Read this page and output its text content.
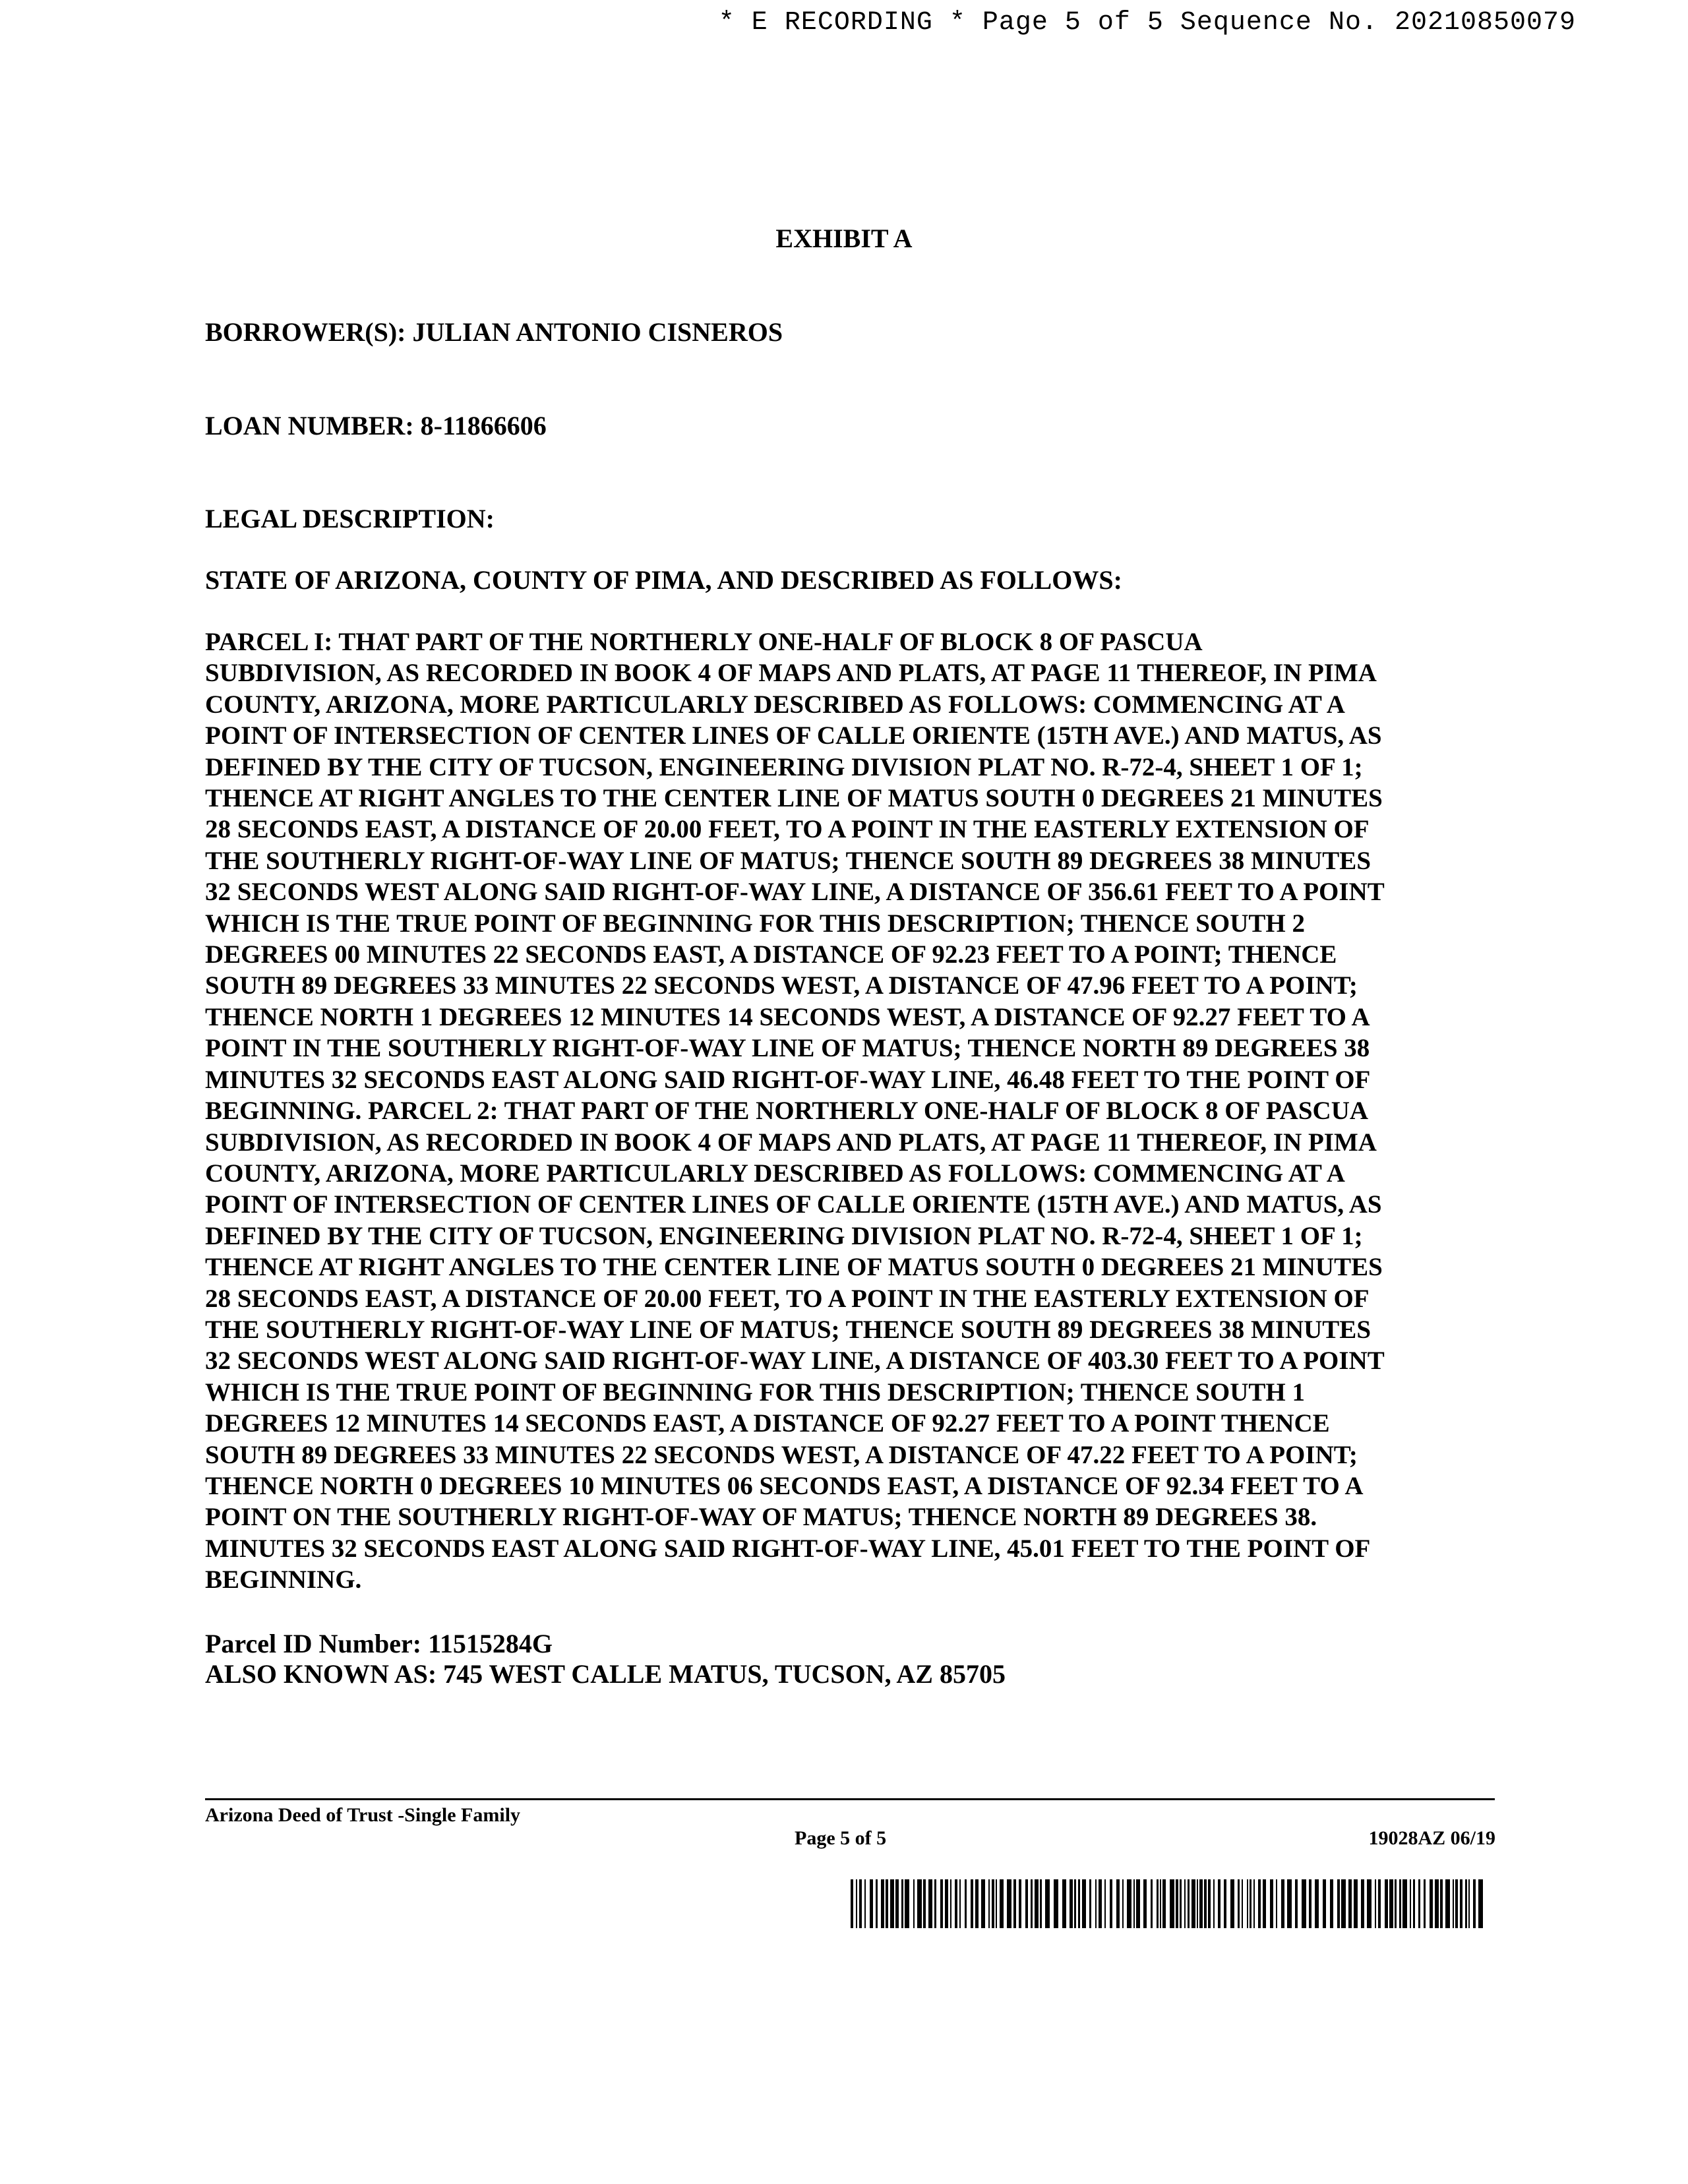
* E RECORDING * Page 5 of 5 Sequence No. 20210850079
EXHIBIT A
BORROWER(S): JULIAN ANTONIO CISNEROS
LOAN NUMBER: 8-11866606
LEGAL DESCRIPTION:
STATE OF ARIZONA, COUNTY OF PIMA, AND DESCRIBED AS FOLLOWS:

PARCEL I: THAT PART OF THE NORTHERLY ONE-HALF OF BLOCK 8 OF PASCUA
SUBDIVISION, AS RECORDED IN BOOK 4 OF MAPS AND PLATS, AT PAGE 11 THEREOF, IN PIMA
COUNTY, ARIZONA, MORE PARTICULARLY DESCRIBED AS FOLLOWS: COMMENCING AT A
POINT OF INTERSECTION OF CENTER LINES OF CALLE ORIENTE (15TH AVE.) AND MATUS, AS
DEFINED BY THE CITY OF TUCSON, ENGINEERING DIVISION PLAT NO. R-72-4, SHEET 1 OF 1;
THENCE AT RIGHT ANGLES TO THE CENTER LINE OF MATUS SOUTH 0 DEGREES 21 MINUTES
28 SECONDS EAST, A DISTANCE OF 20.00 FEET, TO A POINT IN THE EASTERLY EXTENSION OF
THE SOUTHERLY RIGHT-OF-WAY LINE OF MATUS; THENCE SOUTH 89 DEGREES 38 MINUTES
32 SECONDS WEST ALONG SAID RIGHT-OF-WAY LINE, A DISTANCE OF 356.61 FEET TO A POINT
WHICH IS THE TRUE POINT OF BEGINNING FOR THIS DESCRIPTION; THENCE SOUTH 2
DEGREES 00 MINUTES 22 SECONDS EAST, A DISTANCE OF 92.23 FEET TO A POINT; THENCE
SOUTH 89 DEGREES 33 MINUTES 22 SECONDS WEST, A DISTANCE OF 47.96 FEET TO A POINT;
THENCE NORTH 1 DEGREES 12 MINUTES 14 SECONDS WEST, A DISTANCE OF 92.27 FEET TO A
POINT IN THE SOUTHERLY RIGHT-OF-WAY LINE OF MATUS; THENCE NORTH 89 DEGREES 38
MINUTES 32 SECONDS EAST ALONG SAID RIGHT-OF-WAY LINE, 46.48 FEET TO THE POINT OF
BEGINNING. PARCEL 2: THAT PART OF THE NORTHERLY ONE-HALF OF BLOCK 8 OF PASCUA
SUBDIVISION, AS RECORDED IN BOOK 4 OF MAPS AND PLATS, AT PAGE 11 THEREOF, IN PIMA
COUNTY, ARIZONA, MORE PARTICULARLY DESCRIBED AS FOLLOWS: COMMENCING AT A
POINT OF INTERSECTION OF CENTER LINES OF CALLE ORIENTE (15TH AVE.) AND MATUS, AS
DEFINED BY THE CITY OF TUCSON, ENGINEERING DIVISION PLAT NO. R-72-4, SHEET 1 OF 1;
THENCE AT RIGHT ANGLES TO THE CENTER LINE OF MATUS SOUTH 0 DEGREES 21 MINUTES
28 SECONDS EAST, A DISTANCE OF 20.00 FEET, TO A POINT IN THE EASTERLY EXTENSION OF
THE SOUTHERLY RIGHT-OF-WAY LINE OF MATUS; THENCE SOUTH 89 DEGREES 38 MINUTES
32 SECONDS WEST ALONG SAID RIGHT-OF-WAY LINE, A DISTANCE OF 403.30 FEET TO A POINT
WHICH IS THE TRUE POINT OF BEGINNING FOR THIS DESCRIPTION; THENCE SOUTH 1
DEGREES 12 MINUTES 14 SECONDS EAST, A DISTANCE OF 92.27 FEET TO A POINT THENCE
SOUTH 89 DEGREES 33 MINUTES 22 SECONDS WEST, A DISTANCE OF 47.22 FEET TO A POINT;
THENCE NORTH 0 DEGREES 10 MINUTES 06 SECONDS EAST, A DISTANCE OF 92.34 FEET TO A
POINT ON THE SOUTHERLY RIGHT-OF-WAY OF MATUS; THENCE NORTH 89 DEGREES 38.
MINUTES 32 SECONDS EAST ALONG SAID RIGHT-OF-WAY LINE, 45.01 FEET TO THE POINT OF
BEGINNING.

Parcel ID Number: 11515284G
ALSO KNOWN AS: 745 WEST CALLE MATUS, TUCSON, AZ 85705
Arizona Deed of Trust -Single Family
Page 5 of 5	19028AZ 06/19
